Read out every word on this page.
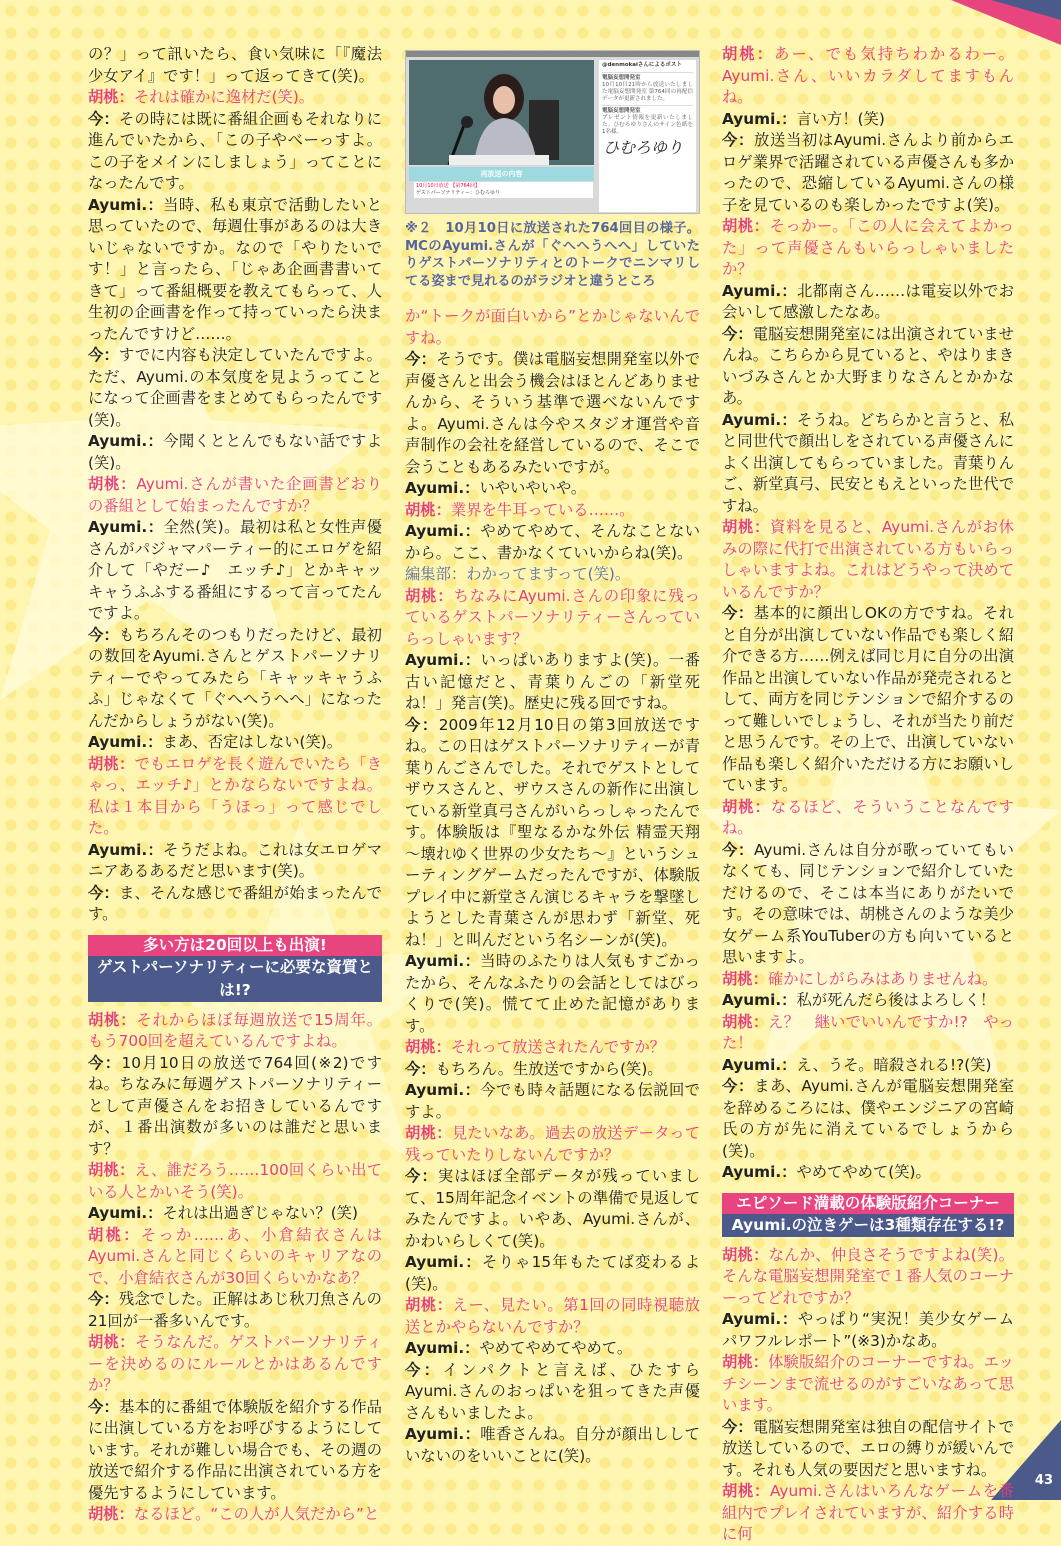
43

の？」って訊いたら、食い気味に「『魔法少女アイ』です！」って返ってきて(笑)。

胡桃：それは確かに逸材だ(笑)。

今：その時には既に番組企画もそれなりに進んでいたから、「この子やべーっすよ。この子をメインにしましょう」ってことになったんです。

Ayumi.：当時、私も東京で活動したいと思っていたので、毎週仕事があるのは大きいじゃないですか。なので「やりたいです！」と言ったら、「じゃあ企画書書いてきて」って番組概要を教えてもらって、人生初の企画書を作って持っていったら決まったんですけど……。

今：すでに内容も決定していたんですよ。ただ、Ayumi.の本気度を見ようってことになって企画書をまとめてもらったんです(笑)。

Ayumi.：今聞くととんでもない話ですよ(笑)。

胡桃：Ayumi.さんが書いた企画書どおりの番組として始まったんですか？

Ayumi.：全然(笑)。最初は私と女性声優さんがパジャマパーティー的にエロゲを紹介して「やだー♪　エッチ♪」とかキャッキャうふふする番組にするって言ってたんですよ。

今：もちろんそのつもりだったけど、最初の数回をAyumi.さんとゲストパーソナリティーでやってみたら「キャッキャうふふ」じゃなくて「ぐへへうへへ」になったんだからしょうがない(笑)。

Ayumi.：まあ、否定はしない(笑)。

胡桃：でもエロゲを長く遊んでいたら「きゃっ、エッチ♪」とかならないですよね。私は１本目から「うほっ」って感じでした。

Ayumi.：そうだよね。これは女エロゲマニアあるあるだと思います(笑)。

今：ま、そんな感じで番組が始まったんです。

多い方は20回以上も出演!
ゲストパーソナリティーに必要な資質とは!?

胡桃：それからほぼ毎週放送で15周年。もう700回を超えているんですよね。

今：10月10日の放送で764回(※2)ですね。ちなみに毎週ゲストパーソナリティーとして声優さんをお招きしているんですが、１番出演数が多いのは誰だと思います？

胡桃：え、誰だろう……100回くらい出ている人とかいそう(笑)。

Ayumi.：それは出過ぎじゃない？(笑)

胡桃：そっか……あ、小倉結衣さんはAyumi.さんと同じくらいのキャリアなので、小倉結衣さんが30回くらいかなあ？

今：残念でした。正解はあじ秋刀魚さんの21回が一番多いんです。

胡桃：そうなんだ。ゲストパーソナリティーを決めるのにルールとかはあるんですか？

今：基本的に番組で体験版を紹介する作品に出演している方をお呼びするようにしています。それが難しい場合でも、その週の放送で紹介する作品に出演されている方を優先するようにしています。

胡桃：なるほど。“この人が人気だから”と

@denmokaiさんによるポスト
電脳妄想開発室
10月10日21時から放送いたしました電脳妄想開発室 第764回の再配信データが更新されました。
電脳妄想開発室
プレゼント情報を更新いたしました。ひむろゆりさんのサイン色紙を1名様。
ひむろゆり
再放送の内容
10月10日放送 【第764回】
ゲストパーソナリティー：ひむろゆり
※２　10月10日に放送された764回目の様子。MCのAyumi.さんが「ぐへへうへへ」していたりゲストパーソナリティとのトークでニンマリしてる姿まで見れるのがラジオと違うところ

か“トークが面白いから”とかじゃないんですね。

今：そうです。僕は電脳妄想開発室以外で声優さんと出会う機会はほとんどありませんから、そういう基準で選べないんですよ。Ayumi.さんは今やスタジオ運営や音声制作の会社を経営しているので、そこで会うこともあるみたいですが。

Ayumi.：いやいやいや。

胡桃：業界を牛耳っている……。

Ayumi.：やめてやめて、そんなことないから。ここ、書かなくていいからね(笑)。

編集部：わかってますって(笑)。

胡桃：ちなみにAyumi.さんの印象に残っているゲストパーソナリティーさんっていらっしゃいます？

Ayumi.：いっぱいありますよ(笑)。一番古い記憶だと、青葉りんごの「新堂死ね！」発言(笑)。歴史に残る回ですね。

今：2009年12月10日の第3回放送ですね。この日はゲストパーソナリティーが青葉りんごさんでした。それでゲストとしてザウスさんと、ザウスさんの新作に出演している新堂真弓さんがいらっしゃったんです。体験版は『聖なるかな外伝 精霊天翔 ～壊れゆく世界の少女たち～』というシューティングゲームだったんですが、体験版プレイ中に新堂さん演じるキャラを撃墜しようとした青葉さんが思わず「新堂、死ね！」と叫んだという名シーンが(笑)。

Ayumi.：当時のふたりは人気もすごかったから、そんなふたりの会話としてはびっくりで(笑)。慌てて止めた記憶があります。

胡桃：それって放送されたんですか？

今：もちろん。生放送ですから(笑)。

Ayumi.：今でも時々話題になる伝説回ですよ。

胡桃：見たいなあ。過去の放送データって残っていたりしないんですか？

今：実はほぼ全部データが残っていまして、15周年記念イベントの準備で見返してみたんですよ。いやあ、Ayumi.さんが、かわいらしくて(笑)。

Ayumi.：そりゃ15年もたてば変わるよ(笑)。

胡桃：えー、見たい。第1回の同時視聴放送とかやらないんですか？

Ayumi.：やめてやめてやめて。

今：インパクトと言えば、ひたすらAyumi.さんのおっぱいを狙ってきた声優さんもいましたよ。

Ayumi.：唯香さんね。自分が顔出ししていないのをいいことに(笑)。

胡桃：あー、でも気持ちわかるわー。Ayumi.さん、いいカラダしてますもんね。

Ayumi.：言い方！(笑)

今：放送当初はAyumi.さんより前からエロゲ業界で活躍されている声優さんも多かったので、恐縮しているAyumi.さんの様子を見ているのも楽しかったですよ(笑)。

胡桃：そっかー。「この人に会えてよかった」って声優さんもいらっしゃいましたか？

Ayumi.：北都南さん……は電妄以外でお会いして感激したなあ。

今：電脳妄想開発室には出演されていませんね。こちらから見ていると、やはりまきいづみさんとか大野まりなさんとかかなあ。

Ayumi.：そうね。どちらかと言うと、私と同世代で顔出しをされている声優さんによく出演してもらっていました。青葉りんご、新堂真弓、民安ともえといった世代ですね。

胡桃：資料を見ると、Ayumi.さんがお休みの際に代打で出演されている方もいらっしゃいますよね。これはどうやって決めているんですか？

今：基本的に顔出しOKの方ですね。それと自分が出演していない作品でも楽しく紹介できる方……例えば同じ月に自分の出演作品と出演していない作品が発売されるとして、両方を同じテンションで紹介するのって難しいでしょうし、それが当たり前だと思うんです。その上で、出演していない作品も楽しく紹介いただける方にお願いしています。

胡桃：なるほど、そういうことなんですね。

今：Ayumi.さんは自分が歌っていてもいなくても、同じテンションで紹介していただけるので、そこは本当にありがたいです。その意味では、胡桃さんのような美少女ゲーム系YouTuberの方も向いていると思いますよ。

胡桃：確かにしがらみはありませんね。

Ayumi.：私が死んだら後はよろしく！

胡桃：え？　継いでいいんですか!?　やった！

Ayumi.：え、うそ。暗殺される!?(笑)

今：まあ、Ayumi.さんが電脳妄想開発室を辞めるころには、僕やエンジニアの宮崎氏の方が先に消えているでしょうから(笑)。

Ayumi.：やめてやめて(笑)。

エピソード満載の体験版紹介コーナー
Ayumi.の泣きゲーは3種類存在する!?

胡桃：なんか、仲良さそうですよね(笑)。そんな電脳妄想開発室で１番人気のコーナーってどれですか？

Ayumi.：やっぱり“実況！美少女ゲームパワフルレポート”(※3)かなあ。

胡桃：体験版紹介のコーナーですね。エッチシーンまで流せるのがすごいなあって思います。

今：電脳妄想開発室は独自の配信サイトで放送しているので、エロの縛りが緩いんです。それも人気の要因だと思いますね。

胡桃：Ayumi.さんはいろんなゲームを番組内でプレイされていますが、紹介する時に何
